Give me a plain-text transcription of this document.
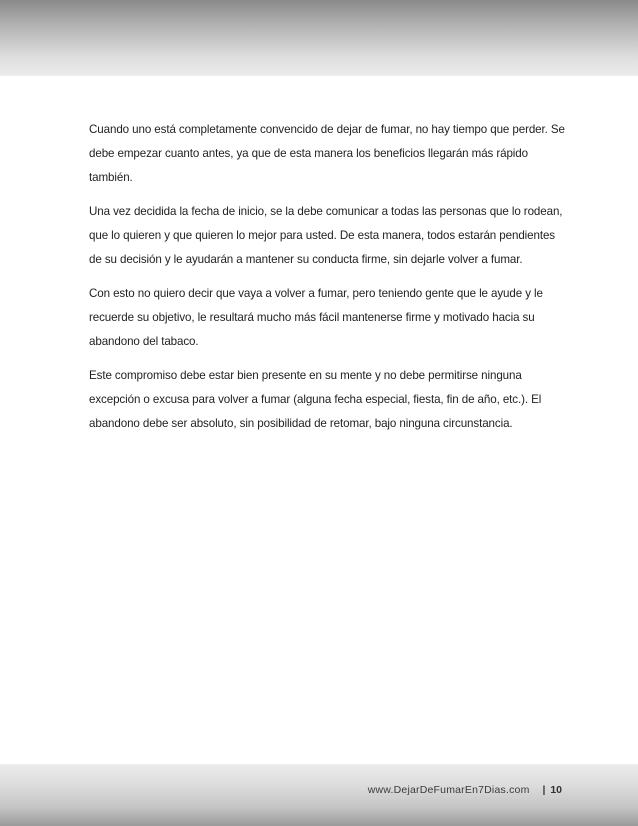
Cuando uno está completamente convencido de dejar de fumar, no hay tiempo que perder. Se debe empezar cuanto antes, ya que de esta manera los beneficios llegarán más rápido también.

Una vez decidida la fecha de inicio, se la debe comunicar a todas las personas que lo rodean, que lo quieren y que quieren lo mejor para usted. De esta manera, todos estarán pendientes de su decisión y le ayudarán a mantener su conducta firme, sin dejarle volver a fumar.

Con esto no quiero decir que vaya a volver a fumar, pero teniendo gente que le ayude y le recuerde su objetivo, le resultará mucho más fácil mantenerse firme y motivado hacia su abandono del tabaco.

Este compromiso debe estar bien presente en su mente y no debe permitirse ninguna excepción o excusa para volver a fumar (alguna fecha especial, fiesta, fin de año, etc.). El abandono debe ser absoluto, sin posibilidad de retomar, bajo ninguna circunstancia.

www.DejarDeFumarEn7Dias.com | 10
